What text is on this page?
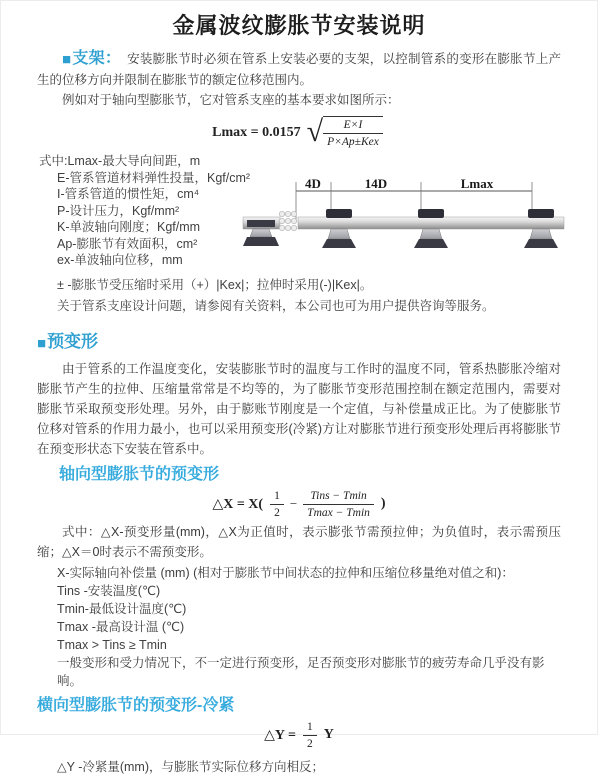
金属波纹膨胀节安装说明

■支架： 安装膨胀节时必须在管系上安装必要的支架，以控制管系的变形在膨胀节上产生的位移方向并限制在膨胀节的额定位移范围内。

例如对于轴向型膨胀节，它对管系支座的基本要求如图所示：

Lmax = 0.0157 √ $\frac{E\times I}{\text{P×Ap±Kex}}$
式中:Lmax-最大导向间距，m
E-管系管道材料弹性投量，Kgf/cm²
I-管系管道的惯性矩，cm⁴
P-设计压力，Kgf/mm²
K-单波轴向刚度；Kgf/mm
Ap-膨胀节有效面积，cm²
ex-单波轴向位移，mm
± -膨胀节受压缩时采用（+）|Kex|；拉伸时采用(-)|Kex|。
关于管系支座设计问题，请参阅有关资料，本公司也可为用户提供咨询等服务。
4D	14D	Lmax
■预变形

由于管系的工作温度变化，安装膨胀节时的温度与工作时的温度不同，管系热膨胀冷缩对膨胀节产生的拉伸、压缩量常常是不均等的，为了膨胀节变形范围控制在额定范围内，需要对膨胀节采取预变形处理。另外，由于膨账节刚度是一个定值，与补偿量成正比。为了使膨胀节位移对管系的作用力最小，也可以采用预变形(冷紧)方让对膨胀节进行预变形处理后再将膨胀节在预变形状态下安装在管系中。

轴向型膨胀节的预变形
△X = $X( \frac{1}{2} - \frac{\text{Tins − Tmin}}{Tmax - Tmin}$ )

式中：△X-预变形量(mm)，△X为正值时，表示膨张节需预拉伸；为负值时，表示需预压缩；△X＝0时表示不需预变形。

X-实际轴向补偿量 (mm) (相对于膨胀节中间状态的拉伸和压缩位移量绝对值之和)：
Tins -安装温度(℃)
Tmin-最低设计温度(℃)
Tmax -最高设计温 (℃)
Tmax > Tins ≥ Tmin
一般变形和受力情况下，不一定进行预变形，足否预变形对膨胀节的疲劳寿命几乎没有影响。
横向型膨胀节的预变形-冷紧
△Y = $\frac{1}{2}$ Y
△Y -冷紧量(mm)，与膨胀节实际位移方向相反；
